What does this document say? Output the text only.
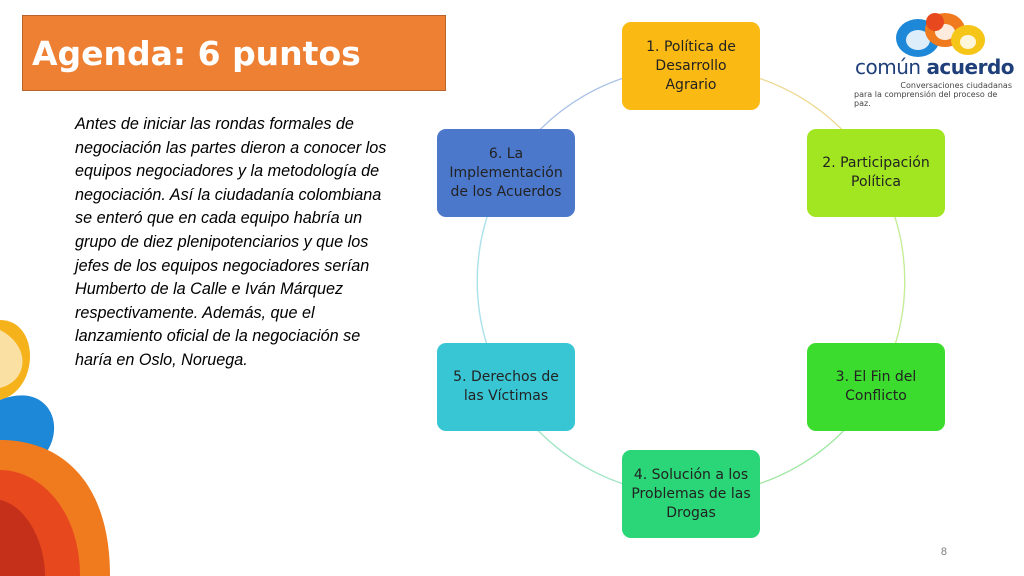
Agenda: 6 puntos
Antes de iniciar las rondas formales de negociación las partes dieron a conocer los equipos negociadores y la metodología de negociación. Así la ciudadanía colombiana se enteró que en cada equipo habría un grupo de diez plenipotenciarios y que los jefes de los equipos negociadores serían Humberto de la Calle e Iván Márquez respectivamente. Además, que el lanzamiento oficial de la negociación se haría en Oslo, Noruega.
1. Política de Desarrollo Agrario
2. Participación Política
3. El Fin del Conflicto
4. Solución a los Problemas de las Drogas
5. Derechos de las Víctimas
6. La Implementación de los Acuerdos
común acuerdo
Conversaciones ciudadanas
para la comprensión del proceso de paz.
8
